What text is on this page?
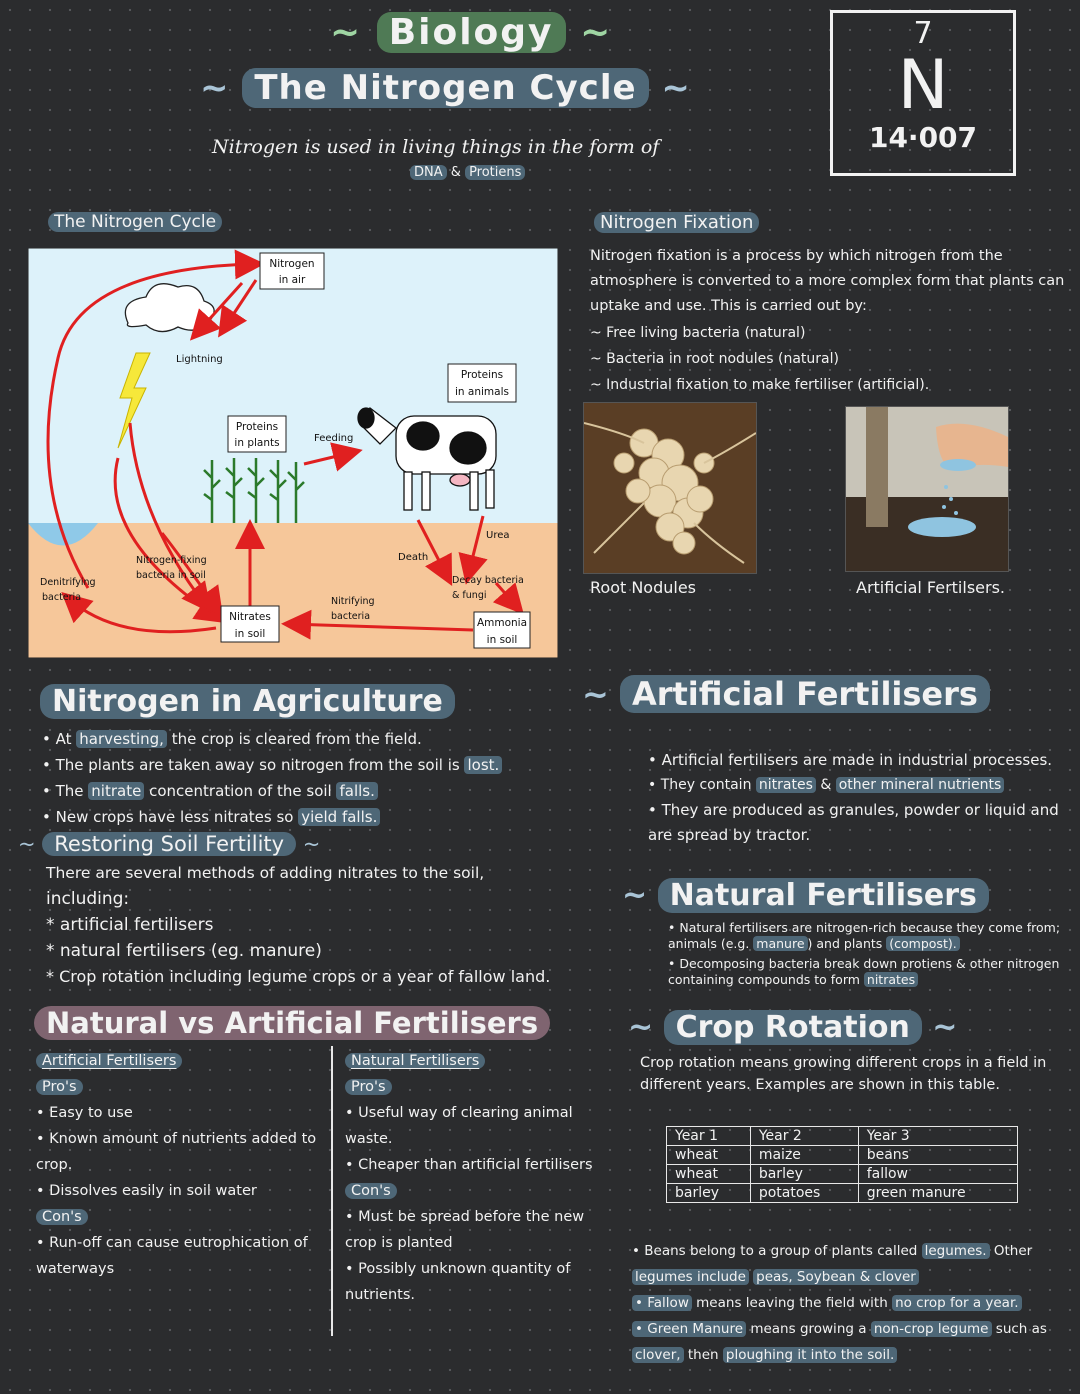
~ Biology ~
~ The Nitrogen Cycle ~
Nitrogen is used in living things in the form of
DNA & Protiens
7
N
14·007
The Nitrogen Cycle
Nitrogen
in air
Lightning
Proteins
in plants	Feeding
Proteins
in animals
Urea
Death
Nitrogen-fixing
bacteria in soil
Denitrifying
bacteria
Decay bacteria
& fungi
Nitrifying
bacteria
Nitrates
in soil
Ammonia
in soil
Nitrogen Fixation
Nitrogen fixation is a process by which nitrogen from the atmosphere is converted to a more complex form that plants can uptake and use. This is carried out by:
~ Free living bacteria (natural)
~ Bacteria in root nodules (natural)
~ Industrial fixation to make fertiliser (artificial).
Root Nodules	Artificial Fertilsers.
Nitrogen in Agriculture
• At harvesting, the crop is cleared from the field.
• The plants are taken away so nitrogen from the soil is lost.
• The nitrate concentration of the soil falls.
• New crops have less nitrates so yield falls.
~ Restoring Soil Fertility ~
There are several methods of adding nitrates to the soil,
including:
* artificial fertilisers
* natural fertilisers (eg. manure)
* Crop rotation including legume crops or a year of fallow land.
~ Artificial Fertilisers
• Artificial fertilisers are made in industrial processes.
• They contain nitrates & other mineral nutrients
• They are produced as granules, powder or liquid and are spread by tractor.
~ Natural Fertilisers
• Natural fertilisers are nitrogen-rich because they come from; animals (e.g. manure ) and plants (compost).
• Decomposing bacteria break down protiens & other nitrogen containing compounds to form nitrates
Natural vs Artificial Fertilisers
Artificial Fertilisers
Pro's
• Easy to use
• Known amount of nutrients added to crop.
• Dissolves easily in soil water
Con's
• Run-off can cause eutrophication of waterways
Natural Fertilisers
Pro's
• Useful way of clearing animal waste.
• Cheaper than artificial fertilisers
Con's
• Must be spread before the new crop is planted
• Possibly unknown quantity of nutrients.
~ Crop Rotation ~
Crop rotation means growing different crops in a field in different years. Examples are shown in this table.
Year 1	Year 2	Year 3
wheat	maize	beans
wheat	barley	fallow
barley	potatoes	green manure
• Beans belong to a group of plants called legumes. Other legumes include peas, Soybean & clover
• Fallow means leaving the field with no crop for a year.
• Green Manure means growing a non-crop legume such as clover, then ploughing it into the soil.
